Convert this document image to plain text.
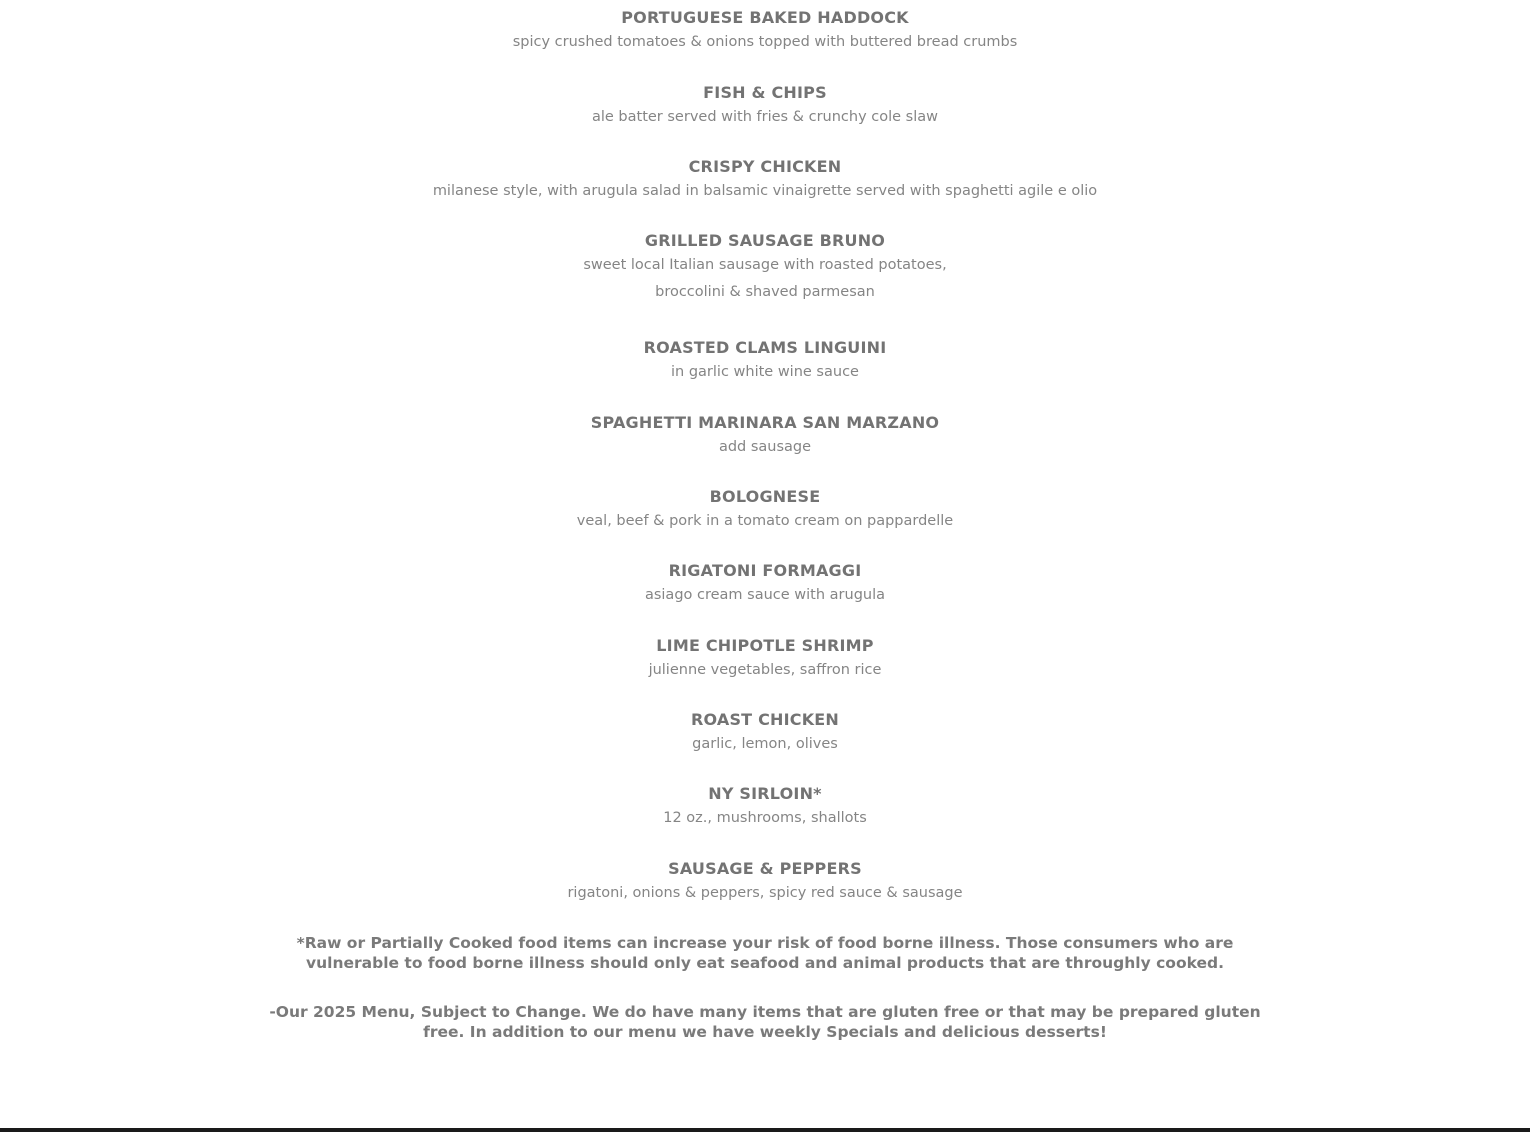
PORTUGUESE BAKED HADDOCK
spicy crushed tomatoes & onions topped with buttered bread crumbs
FISH & CHIPS
ale batter served with fries & crunchy cole slaw
CRISPY CHICKEN
milanese style, with arugula salad in balsamic vinaigrette served with spaghetti agile e olio
GRILLED SAUSAGE BRUNO
sweet local Italian sausage with roasted potatoes,
broccolini & shaved parmesan
ROASTED CLAMS LINGUINI
in garlic white wine sauce
SPAGHETTI MARINARA SAN MARZANO
add sausage
BOLOGNESE
veal, beef & pork in a tomato cream on pappardelle
RIGATONI FORMAGGI
asiago cream sauce with arugula
LIME CHIPOTLE SHRIMP
julienne vegetables, saffron rice
ROAST CHICKEN
garlic, lemon, olives
NY SIRLOIN*
12 oz., mushrooms, shallots
SAUSAGE & PEPPERS
rigatoni, onions & peppers, spicy red sauce & sausage
*Raw or Partially Cooked food items can increase your risk of food borne illness. Those consumers who are vulnerable to food borne illness should only eat seafood and animal products that are throughly cooked.
-Our 2025 Menu, Subject to Change. We do have many items that are gluten free or that may be prepared gluten free. In addition to our menu we have weekly Specials and delicious desserts!
